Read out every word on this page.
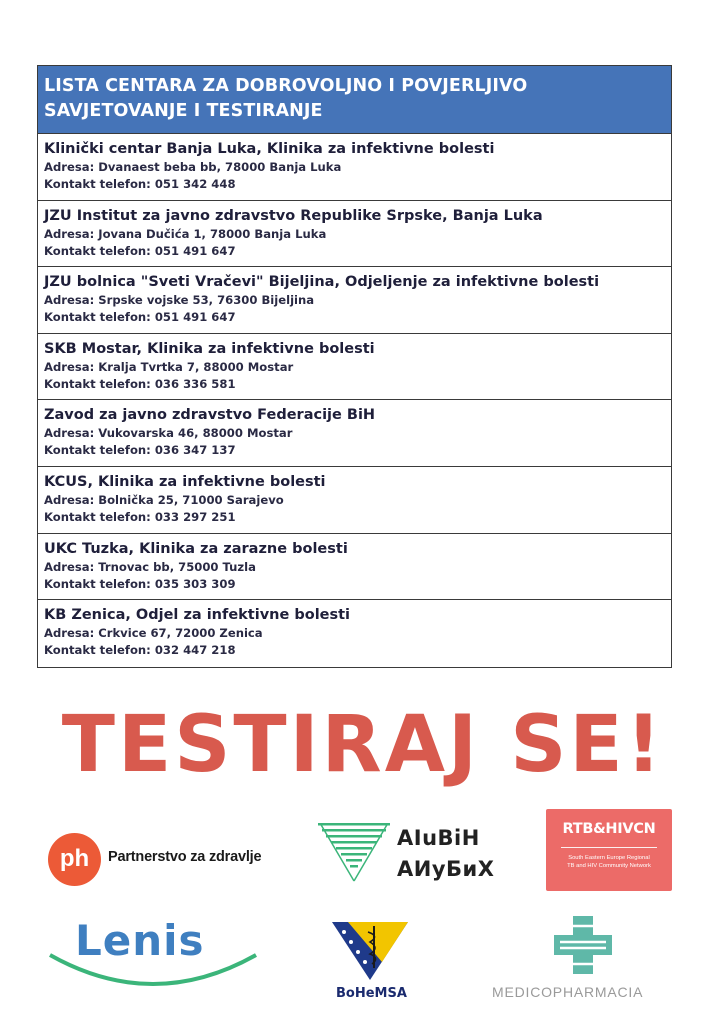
LISTA CENTARA ZA DOBROVOLJNO I POVJERLJIVO
SAVJETOVANJE I TESTIRANJE
Klinički centar Banja Luka, Klinika za infektivne bolesti
Adresa: Dvanaest beba bb, 78000 Banja Luka
Kontakt telefon: 051 342 448
JZU Institut za javno zdravstvo Republike Srpske, Banja Luka
Adresa: Jovana Dučića 1, 78000 Banja Luka
Kontakt telefon: 051 491 647
JZU bolnica "Sveti Vračevi" Bijeljina, Odjeljenje za infektivne bolesti
Adresa: Srpske vojske 53, 76300 Bijeljina
Kontakt telefon: 051 491 647
SKB Mostar, Klinika za infektivne bolesti
Adresa: Kralja Tvrtka 7, 88000 Mostar
Kontakt telefon: 036 336 581
Zavod za javno zdravstvo Federacije BiH
Adresa: Vukovarska 46, 88000 Mostar
Kontakt telefon: 036 347 137
KCUS, Klinika za infektivne bolesti
Adresa: Bolnička 25, 71000 Sarajevo
Kontakt telefon: 033 297 251
UKC Tuzka, Klinika za zarazne bolesti
Adresa: Trnovac bb, 75000 Tuzla
Kontakt telefon: 035 303 309
KB Zenica, Odjel za infektivne bolesti
Adresa: Crkvice 67, 72000 Zenica
Kontakt telefon: 032 447 218
TESTIRAJ SE!
ph	Partnerstvo za zdravlje
AIuBiH
АИуБиХ
RTB&HIVCN
South Eastern Europe Regional
TB and HIV Community Network
Lenis
BoHeMSA	MEDICOPHARMACIA
